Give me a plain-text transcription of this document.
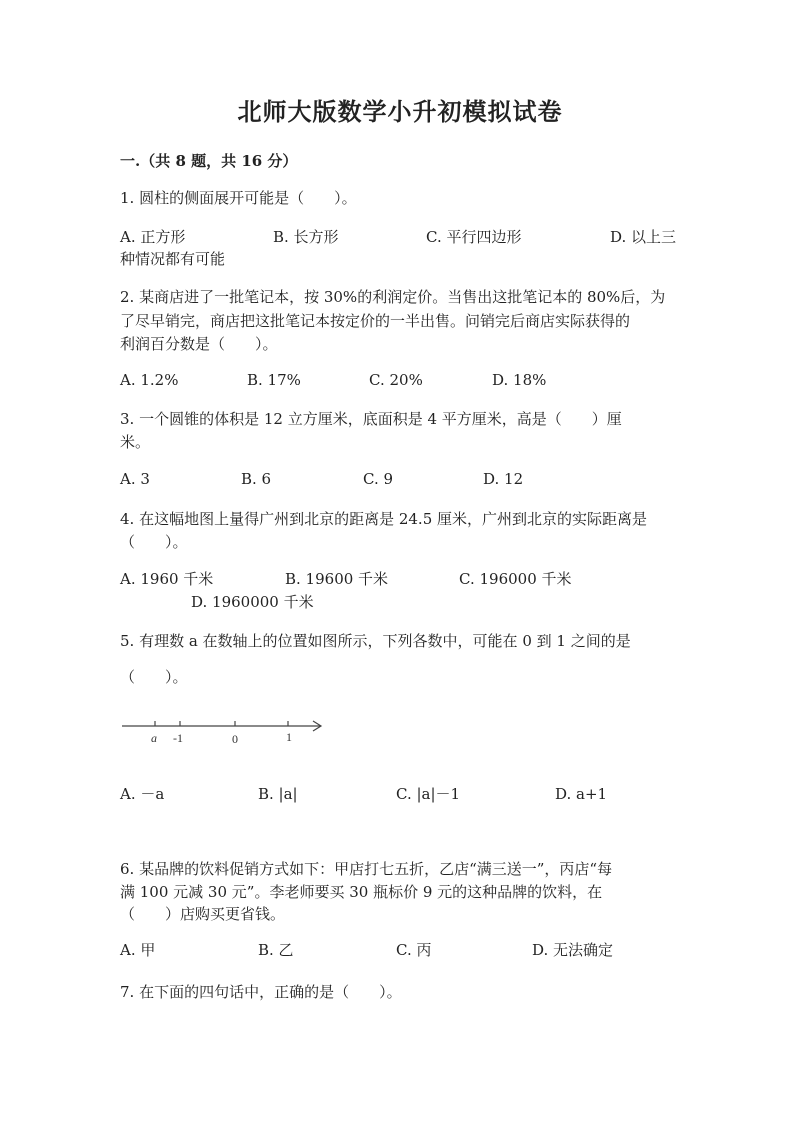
北师大版数学小升初模拟试卷
一.（共 8 题，共 16 分）
1. 圆柱的侧面展开可能是（　　）。
A. 正方形	B. 长方形	C. 平行四边形	D. 以上三
种情况都有可能
2. 某商店进了一批笔记本，按 30%的利润定价。当售出这批笔记本的 80%后，为
了尽早销完，商店把这批笔记本按定价的一半出售。问销完后商店实际获得的
利润百分数是（　　）。
A. 1.2%	B. 17%	C. 20%	D. 18%
3. 一个圆锥的体积是 12 立方厘米，底面积是 4 平方厘米，高是（　　）厘
米。
A. 3	B. 6	C. 9	D. 12
4. 在这幅地图上量得广州到北京的距离是 24.5 厘米，广州到北京的实际距离是
（　　）。
A. 1960 千米	B. 19600 千米	C. 196000 千米
D. 1960000 千米
5. 有理数 a 在数轴上的位置如图所示，下列各数中，可能在 0 到 1 之间的是
（　　）。
a -1	0	1
A. －a	B. |a|	C. |a|－1	D. a+1
6. 某品牌的饮料促销方式如下：甲店打七五折，乙店“满三送一”，丙店“每
满 100 元减 30 元”。李老师要买 30 瓶标价 9 元的这种品牌的饮料，在
（　　）店购买更省钱。
A. 甲	B. 乙	C. 丙	D. 无法确定
7. 在下面的四句话中，正确的是（　　）。
